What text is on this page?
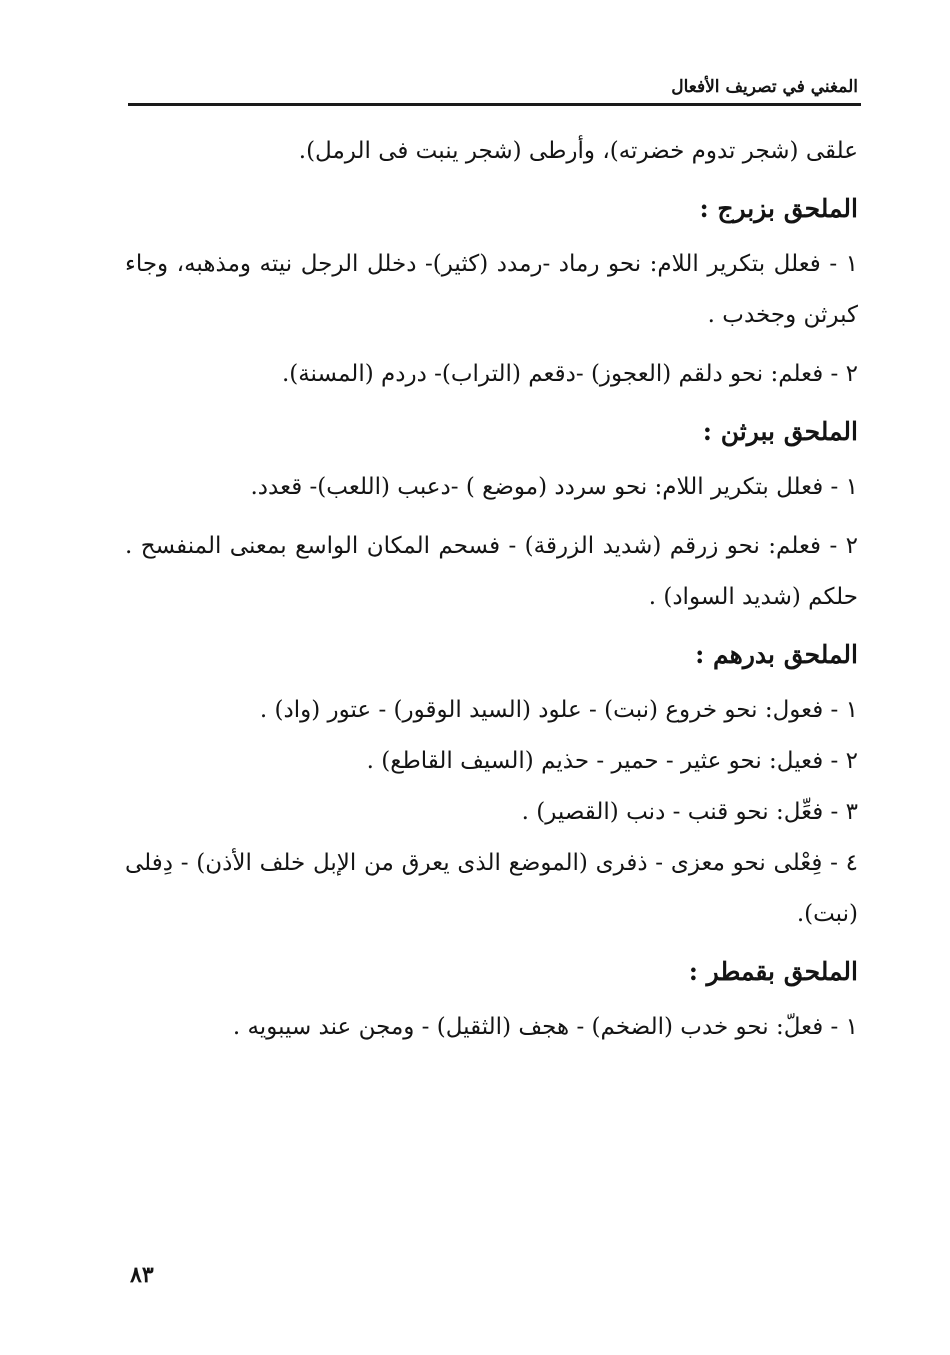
المغني في تصريف الأفعال

علقى (شجر تدوم خضرته)، وأرطى (شجر ينبت فى الرمل).

الملحق بزبرج :

١ - فعلل بتكرير اللام: نحو رماد -رمدد (كثير)- دخلل الرجل نيته ومذهبه، وجاء كبرثن وجخدب .

٢ - فعلم: نحو دلقم (العجوز) -دقعم (التراب)- دردم (المسنة).

الملحق ببرثن :

١ - فعلل بتكرير اللام: نحو سردد (موضع ) -دعبب (اللعب)- قعدد.

٢ - فعلم: نحو زرقم (شديد الزرقة) - فسحم المكان الواسع بمعنى المنفسح . حلكم (شديد السواد) .

الملحق بدرهم :

١ - فعول: نحو خروع (نبت) - علود (السيد الوقور) - عتور (واد) .

٢ - فعيل: نحو عثير - حمير - حذيم (السيف القاطع) .

٣ - فعِّل: نحو قنب - دنب (القصير) .

٤ - فِعْلى نحو معزى - ذفرى (الموضع الذى يعرق من الإبل خلف الأذن) - دِفلى (نبت).

الملحق بقمطر :

١ - فعلّ: نحو خدب (الضخم) - هجف (الثقيل) - ومجن عند سيبويه .

٨٣
